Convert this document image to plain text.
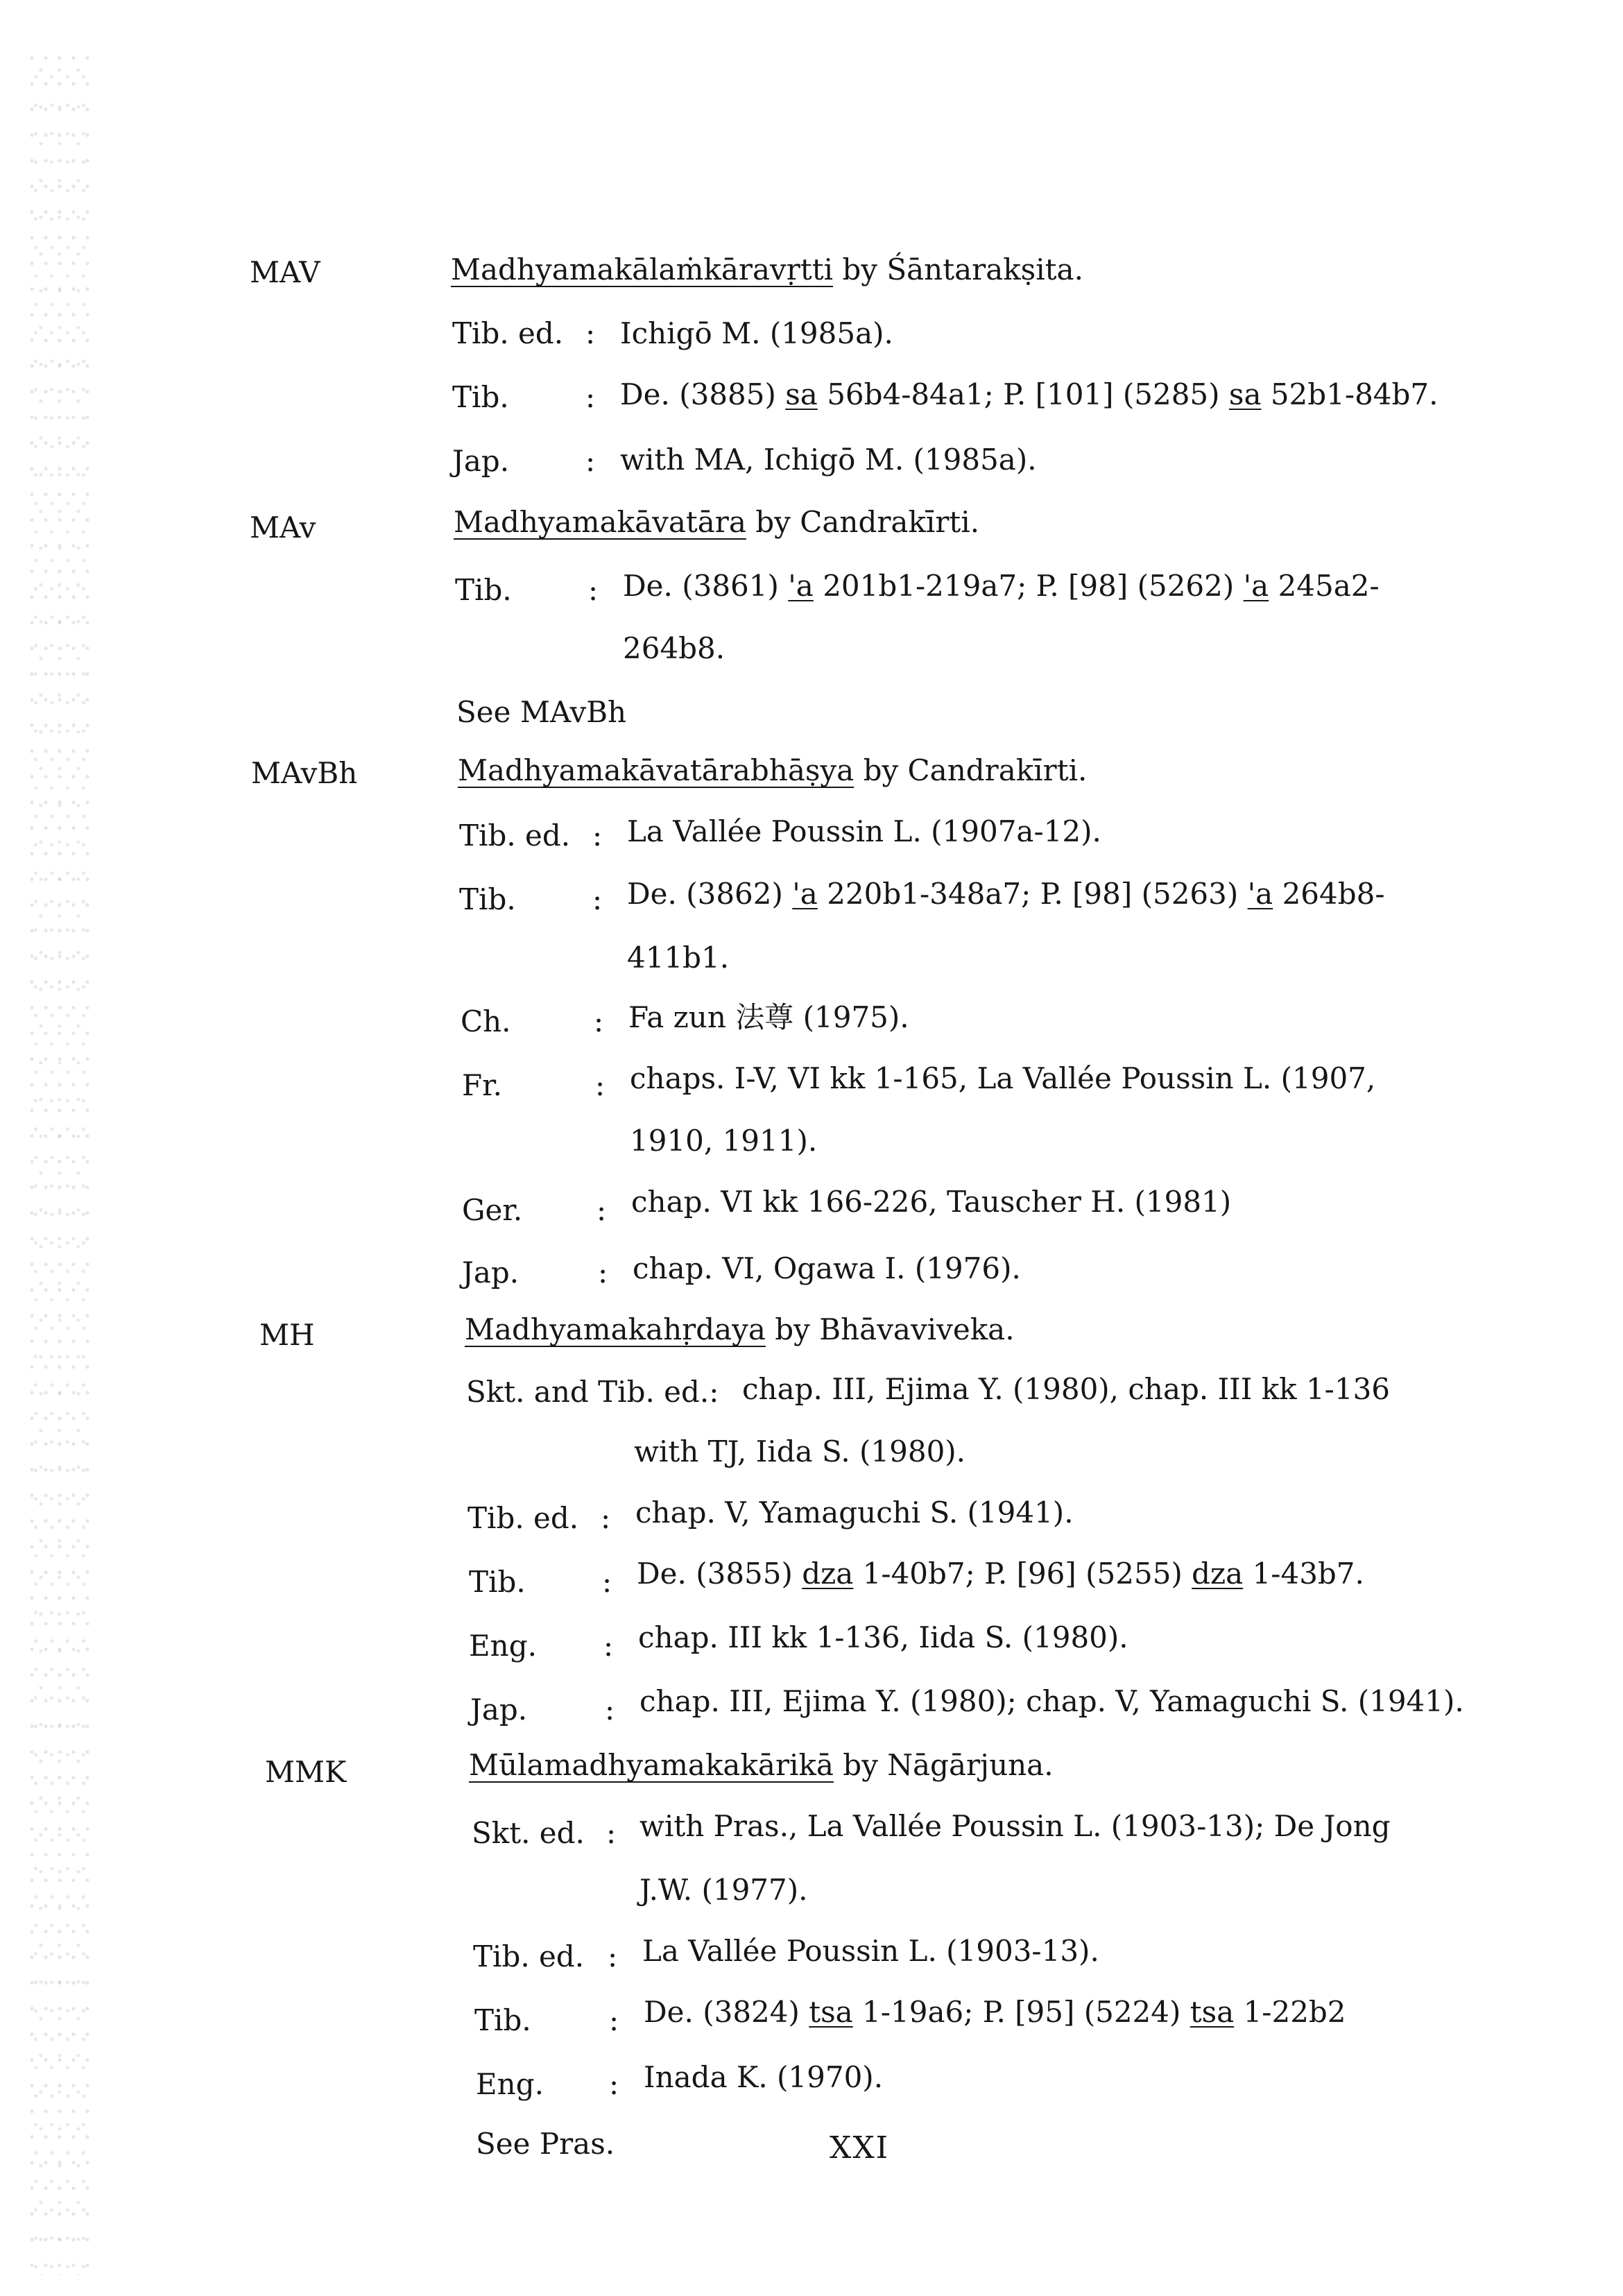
MAV	Madhyamakālaṁkāravṛtti by Śāntarakṣita.
Tib. ed. : Ichigō M. (1985a).
Tib.	: De. (3885) sa 56b4-84a1; P. [101] (5285) sa 52b1-84b7.
Jap.	: with MA, Ichigō M. (1985a).
MAv	Madhyamakāvatāra by Candrakīrti.
Tib.	: De. (3861) 'a 201b1-219a7; P. [98] (5262) 'a 245a2-
264b8.
See MAvBh
MAvBh	Madhyamakāvatārabhāṣya by Candrakīrti.
Tib. ed. : La Vallée Poussin L. (1907a-12).
Tib.	: De. (3862) 'a 220b1-348a7; P. [98] (5263) 'a 264b8-
411b1.
Ch.	: Fa zun 法尊 (1975).
Fr.	: chaps. I-V, VI kk 1-165, La Vallée Poussin L. (1907,
1910, 1911).
Ger.	: chap. VI kk 166-226, Tauscher H. (1981)
Jap.	: chap. VI, Ogawa I. (1976).
MH	Madhyamakahṛdaya by Bhāvaviveka.
Skt. and Tib. ed.: chap. III, Ejima Y. (1980), chap. III kk 1-136
with TJ, Iida S. (1980).
Tib. ed. : chap. V, Yamaguchi S. (1941).
Tib.	: De. (3855) dza 1-40b7; P. [96] (5255) dza 1-43b7.
Eng. : chap. III kk 1-136, Iida S. (1980).
Jap.	: chap. III, Ejima Y. (1980); chap. V, Yamaguchi S. (1941).
MMK	Mūlamadhyamakakārikā by Nāgārjuna.
Skt. ed. : with Pras., La Vallée Poussin L. (1903-13); De Jong
J.W. (1977).
Tib. ed. : La Vallée Poussin L. (1903-13).
Tib.	: De. (3824) tsa 1-19a6; P. [95] (5224) tsa 1-22b2
Eng. : Inada K. (1970).
See Pras.	XXI
